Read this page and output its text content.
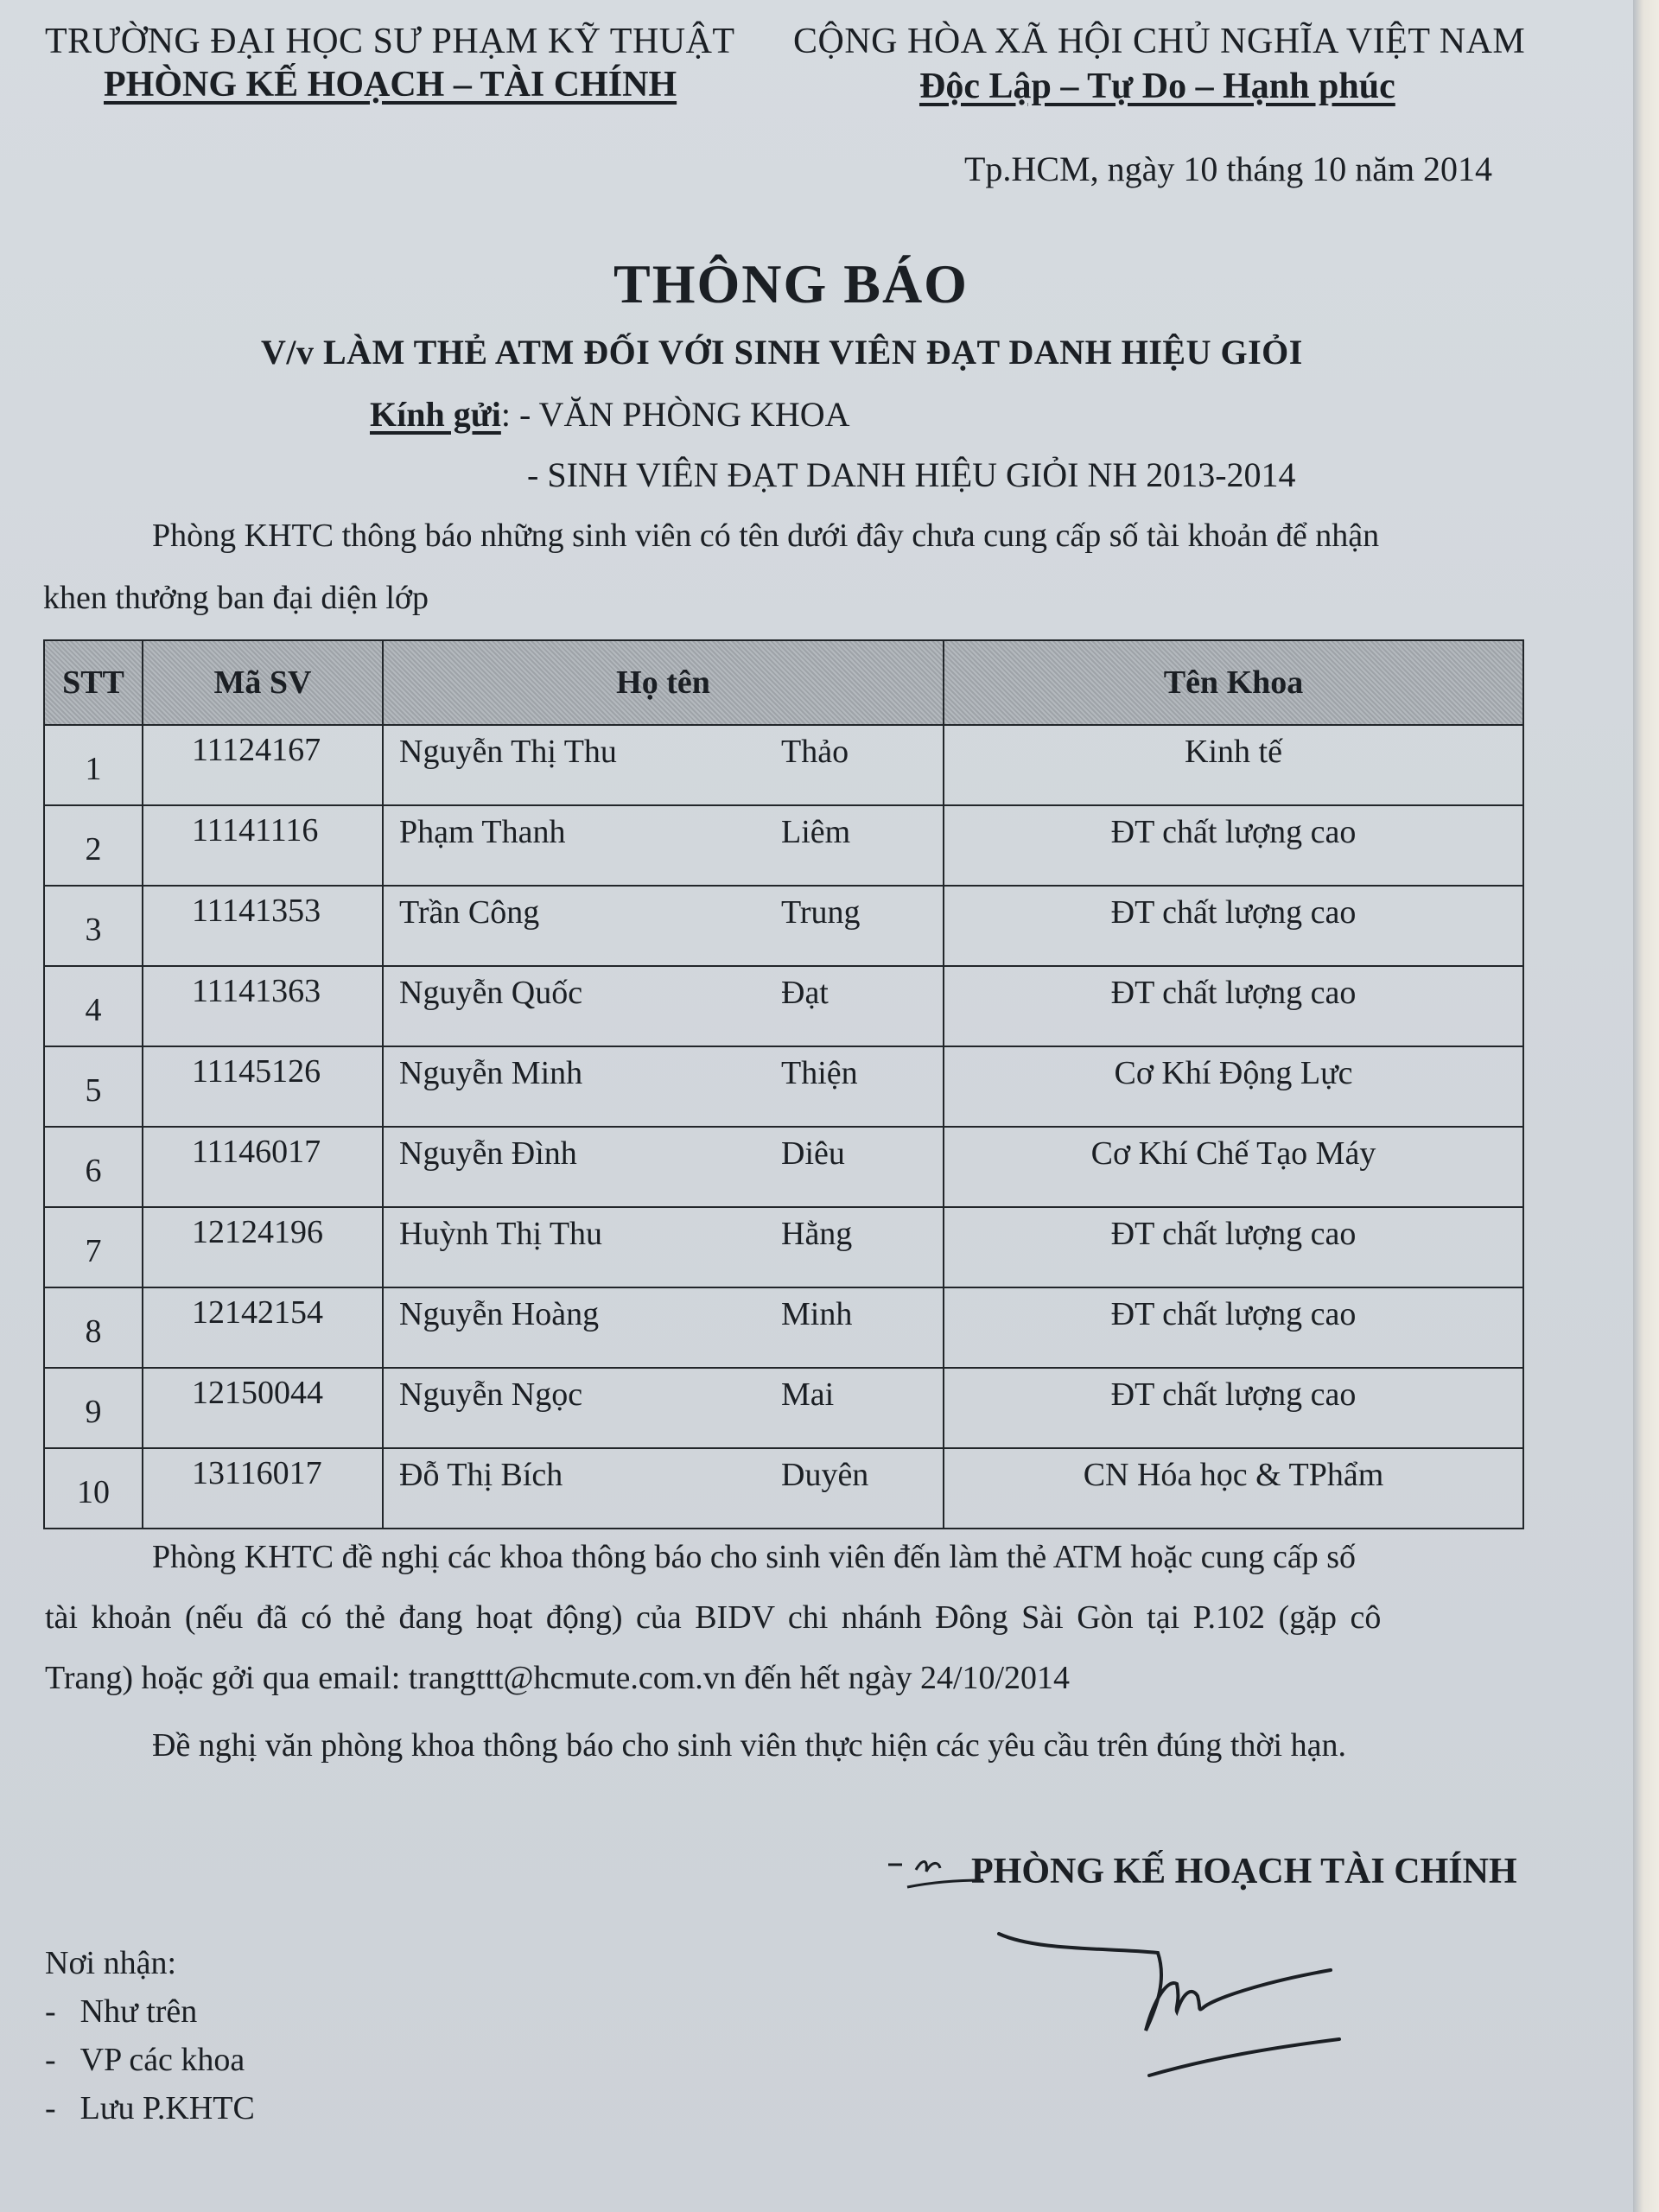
TRƯỜNG ĐẠI HỌC SƯ PHẠM KỸ THUẬT
PHÒNG KẾ HOẠCH – TÀI CHÍNH
CỘNG HÒA XÃ HỘI CHỦ NGHĨA VIỆT NAM
Độc Lập – Tự Do – Hạnh phúc
Tp.HCM, ngày 10 tháng 10 năm 2014
THÔNG BÁO
V/v LÀM THẺ ATM ĐỐI VỚI SINH VIÊN ĐẠT DANH HIỆU GIỎI
Kính gửi: - VĂN PHÒNG KHOA
- SINH VIÊN ĐẠT DANH HIỆU GIỎI NH 2013-2014
Phòng KHTC thông báo những sinh viên có tên dưới đây chưa cung cấp số tài khoản để nhận
khen thưởng ban đại diện lớp
STT	Mã SV	Họ tên	Tên Khoa

1	11124167	Nguyễn Thị Thu Thảo	Kinh tế

2	11141116	Phạm Thanh Liêm	ĐT chất lượng cao

3	11141353	Trần Công Trung	ĐT chất lượng cao

4	11141363	Nguyễn Quốc Đạt	ĐT chất lượng cao

5	11145126	Nguyễn Minh Thiện	Cơ Khí Động Lực

6	11146017	Nguyễn Đình Diêu	Cơ Khí Chế Tạo Máy

7	12124196	Huỳnh Thị Thu Hằng	ĐT chất lượng cao

8	12142154	Nguyễn Hoàng Minh	ĐT chất lượng cao

9	12150044	Nguyễn Ngọc Mai	ĐT chất lượng cao

10	13116017	Đỗ Thị Bích Duyên	CN Hóa học & TPhẩm
Phòng KHTC đề nghị các khoa thông báo cho sinh viên đến làm thẻ ATM hoặc cung cấp số
tài khoản (nếu đã có thẻ đang hoạt động) của BIDV chi nhánh Đông Sài Gòn tại P.102 (gặp cô
Trang) hoặc gởi qua email: trangttt@hcmute.com.vn đến hết ngày 24/10/2014
Đề nghị văn phòng khoa thông báo cho sinh viên thực hiện các yêu cầu trên đúng thời hạn.
PHÒNG KẾ HOẠCH TÀI CHÍNH
Nơi nhận:
- Như trên
- VP các khoa
- Lưu P.KHTC
